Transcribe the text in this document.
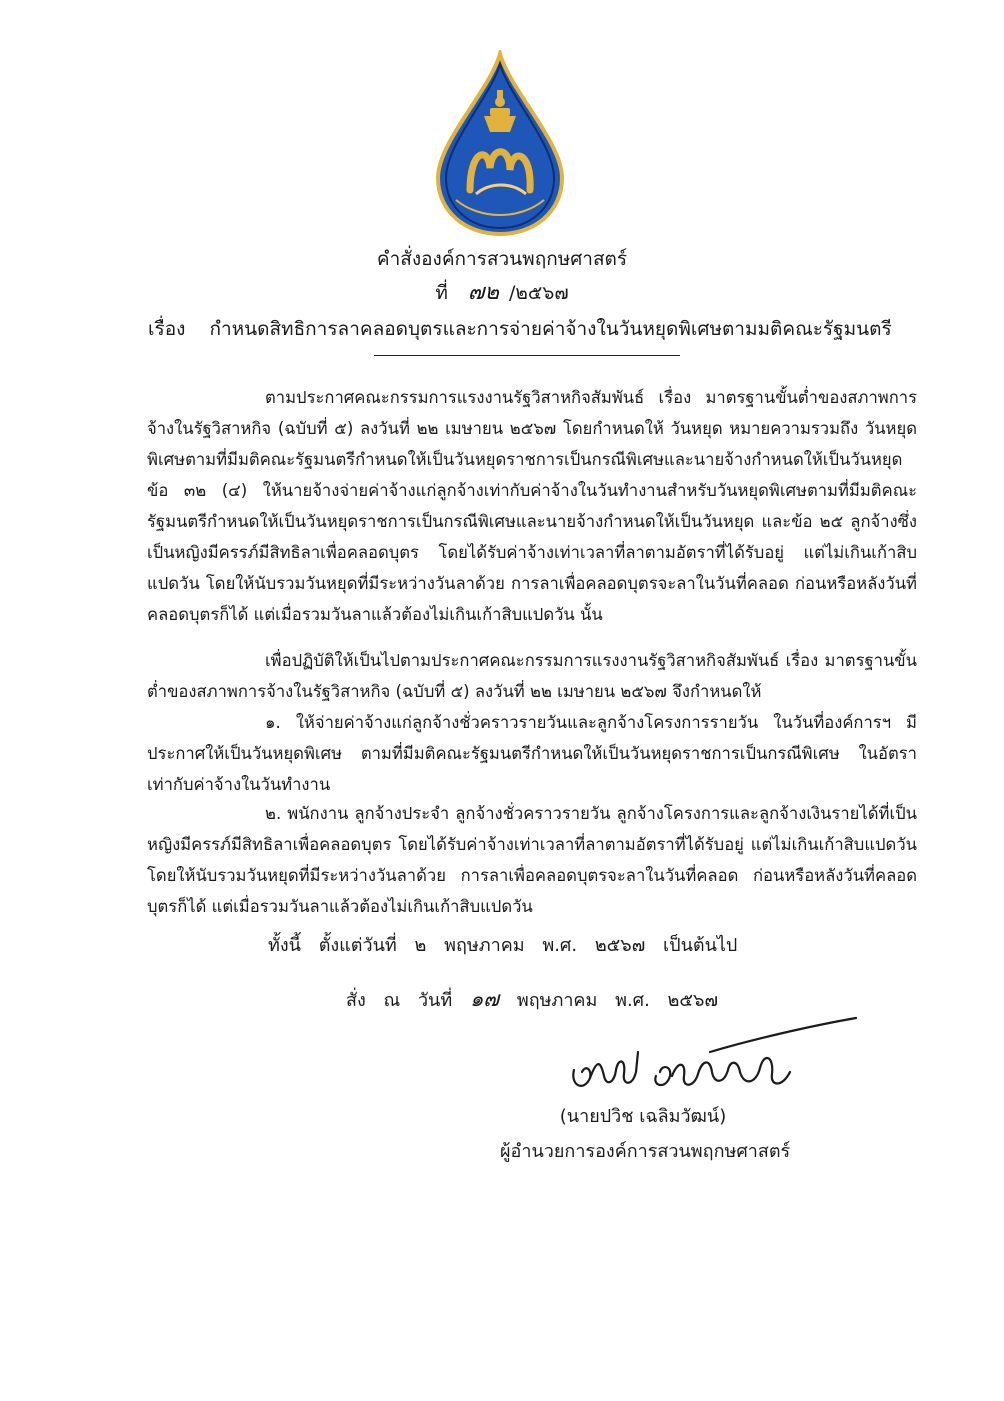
คำสั่งองค์การสวนพฤกษศาสตร์
ที่ ๗๒ /๒๕๖๗
เรื่อง กำหนดสิทธิการลาคลอดบุตรและการจ่ายค่าจ้างในวันหยุดพิเศษตามมติคณะรัฐมนตรี

ตามประกาศคณะกรรมการแรงงานรัฐวิสาหกิจสัมพันธ์ เรื่อง มาตรฐานขั้นต่ำของสภาพการจ้างในรัฐวิสาหกิจ (ฉบับที่ ๕) ลงวันที่ ๒๒ เมษายน ๒๕๖๗ โดยกำหนดให้ วันหยุด หมายความรวมถึง วันหยุดพิเศษตามที่มีมติคณะรัฐมนตรีกำหนดให้เป็นวันหยุดราชการเป็นกรณีพิเศษและนายจ้างกำหนดให้เป็นวันหยุด ข้อ ๓๒ (๔) ให้นายจ้างจ่ายค่าจ้างแก่ลูกจ้างเท่ากับค่าจ้างในวันทำงานสำหรับวันหยุดพิเศษตามที่มีมติคณะรัฐมนตรีกำหนดให้เป็นวันหยุดราชการเป็นกรณีพิเศษและนายจ้างกำหนดให้เป็นวันหยุด และข้อ ๒๕ ลูกจ้างซึ่งเป็นหญิงมีครรภ์มีสิทธิลาเพื่อคลอดบุตร โดยได้รับค่าจ้างเท่าเวลาที่ลาตามอัตราที่ได้รับอยู่ แต่ไม่เกินเก้าสิบแปดวัน โดยให้นับรวมวันหยุดที่มีระหว่างวันลาด้วย การลาเพื่อคลอดบุตรจะลาในวันที่คลอด ก่อนหรือหลังวันที่คลอดบุตรก็ได้ แต่เมื่อรวมวันลาแล้วต้องไม่เกินเก้าสิบแปดวัน นั้น

เพื่อปฏิบัติให้เป็นไปตามประกาศคณะกรรมการแรงงานรัฐวิสาหกิจสัมพันธ์ เรื่อง มาตรฐานขั้นต่ำของสภาพการจ้างในรัฐวิสาหกิจ (ฉบับที่ ๕) ลงวันที่ ๒๒ เมษายน ๒๕๖๗ จึงกำหนดให้

๑. ให้จ่ายค่าจ้างแก่ลูกจ้างชั่วคราวรายวันและลูกจ้างโครงการรายวัน ในวันที่องค์การฯ มีประกาศให้เป็นวันหยุดพิเศษ ตามที่มีมติคณะรัฐมนตรีกำหนดให้เป็นวันหยุดราชการเป็นกรณีพิเศษ ในอัตราเท่ากับค่าจ้างในวันทำงาน

๒. พนักงาน ลูกจ้างประจำ ลูกจ้างชั่วคราวรายวัน ลูกจ้างโครงการและลูกจ้างเงินรายได้ที่เป็นหญิงมีครรภ์มีสิทธิลาเพื่อคลอดบุตร โดยได้รับค่าจ้างเท่าเวลาที่ลาตามอัตราที่ได้รับอยู่ แต่ไม่เกินเก้าสิบแปดวัน โดยให้นับรวมวันหยุดที่มีระหว่างวันลาด้วย การลาเพื่อคลอดบุตรจะลาในวันที่คลอด ก่อนหรือหลังวันที่คลอดบุตรก็ได้ แต่เมื่อรวมวันลาแล้วต้องไม่เกินเก้าสิบแปดวัน

ทั้งนี้ ตั้งแต่วันที่ ๒ พฤษภาคม พ.ศ. ๒๕๖๗ เป็นต้นไป
สั่ง ณ วันที่ ๑๗ พฤษภาคม พ.ศ. ๒๕๖๗
(นายปวิช เฉลิมวัฒน์)
ผู้อำนวยการองค์การสวนพฤกษศาสตร์
